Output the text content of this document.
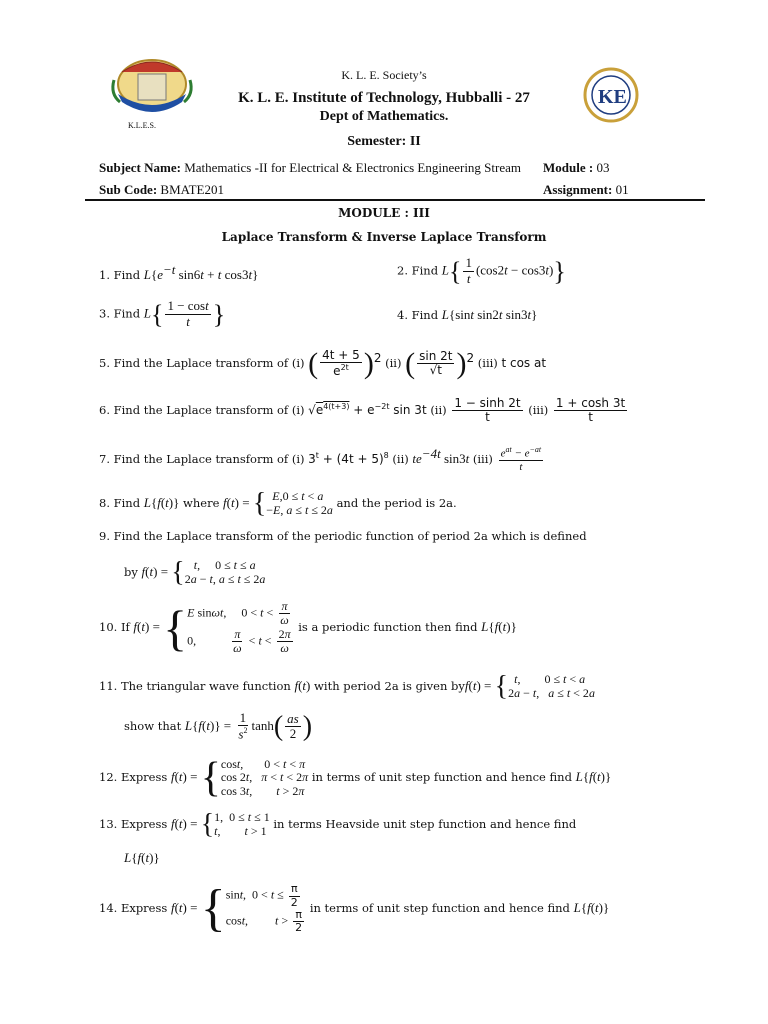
K.L.E.S.
KE
K. L. E. Society’s
K. L. E. Institute of Technology, Hubballi - 27
Dept of Mathematics.
Semester: II
Subject Name: Mathematics -II for Electrical & Electronics Engineering Stream Module : 03
Sub Code: BMATE201	Assignment: 01
MODULE : III
Laplace Transform & Inverse Laplace Transform
1. Find $L\{e^{-t}$ sin6t + t cos3t}	2. Find $L\{ \frac{1}{t} (\cos 2t - \cos 3t)\}$
3. Find $L\{ \frac{1 - \cos t}{t}$ }	4. Find L{sint sin2t sin3t}
5. Find the Laplace transform of (i) ( $\frac{4t + 5}{e^{2t}} )^2$ (ii) ( $\frac{\sin 2t}{√t} )^2$ (iii) t cos at
6. Find the Laplace transform of (i) $√e^{4(t+3)} + e^{-2t}$ sin 3t $(ii) \frac{1 - \sinh 2t}{t} (iii) \frac{1 + \cosh 3t}{t}$
7. Find the Laplace transform of (i) $3^t + (4t + 5)^8$ (ii) $te^{-4t}$ sin3t $(iii) \frac{e^{at} - e^{-at}}{t}$
8. Find L{f(t)} where f(t) = { E,0 ≤ t < a
−E, a ≤ t ≤ 2a and the period is 2a.
9. Find the Laplace transform of the periodic function of period 2a which is defined
by f(t) = { t,     0 ≤ t ≤ a
2a − t, a ≤ t ≤ 2a
10. If f(t) = { E sinωt,     $0 < t < \frac{\pi}{\omega}$
0, $\frac{\pi}{\omega} < t < \frac{2\pi}{\omega}$
is a periodic function then find L{f(t)}
11. The triangular wave function f(t) with period 2a is given byf(t) = { t,        0 ≤ t < a
2a − t,   a ≤ t < 2a
show that $L\{f(t)\} = \frac{1}{s^2} \tanh( \frac{as}{2}$ )
12. Express f(t) = { cost,       0 < t < π
cos 2t,   π < t < 2π
cos 3t,        t > 2π
in terms of unit step function and hence find L{f(t)}
13. Express f(t) = { 1,  0 ≤ t ≤ 1
t,        t > 1 in terms Heavside unit step function and hence find
L{f(t)}
14. Express f(t) = { sint,  $0 < t \le \frac{\pi}{2}$
cost,         $t > \frac{\pi}{2}$
in terms of unit step function and hence find L{f(t)}
